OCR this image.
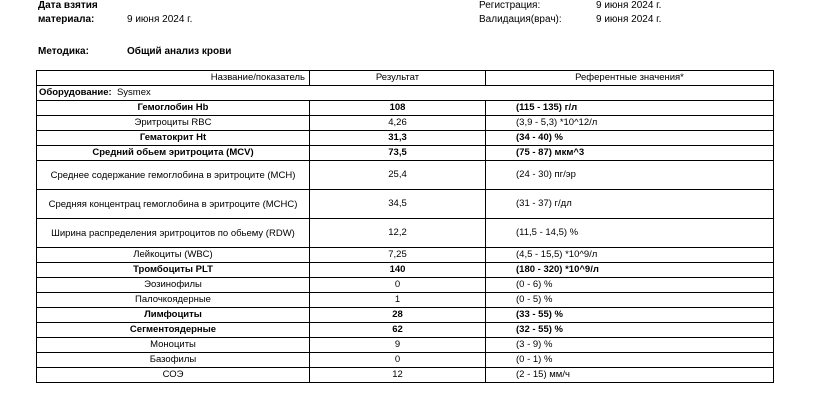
Дата взятия
материала:	9 июня 2024 г.
Регистрация:	9 июня 2024 г.
Валидация(врач):	9 июня 2024 г.
Методика:	Общий анализ крови
Название/показатель	Результат	Референтные значения*
Оборудование: Sysmex		
Гемоглобин Hb	108	(115 - 135) г/л
Эритроциты RBC	4,26	(3,9 - 5,3) *10^12/л
Гематокрит Ht	31,3	(34 - 40) %
Средний обьем эритроцита (MCV)	73,5	(75 - 87) мкм^3
Среднее содержание гемоглобина в эритроците (МСН)	25,4	(24 - 30) пг/эр
Средняя концентрац гемоглобина в эритроците (МСНС)	34,5	(31 - 37) г/дл
Ширина распределения эритроцитов по обьему (RDW)	12,2	(11,5 - 14,5) %
Лейкоциты (WBC)	7,25	(4,5 - 15,5) *10^9/л
Тромбоциты PLT	140	(180 - 320) *10^9/л
Эозинофилы	0	(0 - 6) %
Палочкоядерные	1	(0 - 5) %
Лимфоциты	28	(33 - 55) %
Сегментоядерные	62	(32 - 55) %
Моноциты	9	(3 - 9) %
Базофилы	0	(0 - 1) %
СОЭ	12	(2 - 15) мм/ч
